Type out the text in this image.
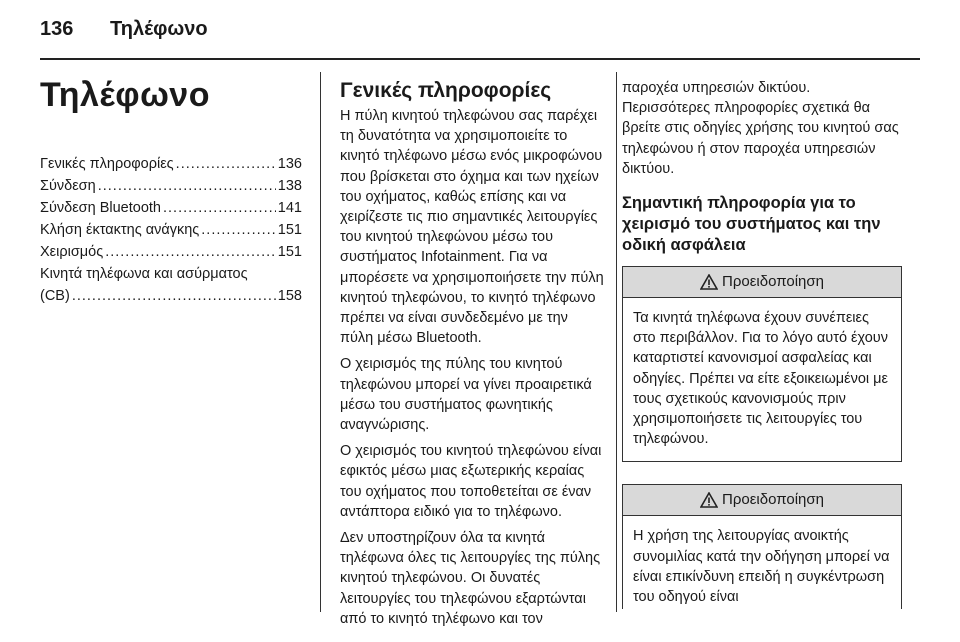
136 Τηλέφωνο
Τηλέφωνο
Γενικές πληροφορίες .....	136
Σύνδεση .....	138
Σύνδεση Bluetooth .....	141
Κλήση έκτακτης ανάγκης .....	151
Χειρισμός .....	151
Κινητά τηλέφωνα και ασύρματος
(CB) .....	158
Γενικές πληροφορίες

Η πύλη κινητού τηλεφώνου σας παρέχει τη δυνατότητα να χρησιμοποιείτε το κινητό τηλέφωνο μέσω ενός μικροφώνου που βρίσκεται στο όχημα και των ηχείων του οχήματος, καθώς επίσης και να χειρίζεστε τις πιο σημαντικές λειτουργίες του κινητού τηλεφώνου μέσω του συστήματος Infotainment. Για να μπορέσετε να χρησιμοποιήσετε την πύλη κινητού τηλεφώνου, το κινητό τηλέφωνο πρέπει να είναι συνδεδεμένο με την πύλη μέσω Bluetooth.

Ο χειρισμός της πύλης του κινητού τηλεφώνου μπορεί να γίνει προαιρετικά μέσω του συστήματος φωνητικής αναγνώρισης.

Ο χειρισμός του κινητού τηλεφώνου είναι εφικτός μέσω μιας εξωτερικής κεραίας του οχήματος που τοποθετείται σε έναν αντάπτορα ειδικό για το τηλέφωνο.

Δεν υποστηρίζουν όλα τα κινητά τηλέφωνα όλες τις λειτουργίες της πύλης κινητού τηλεφώνου. Οι δυνατές λειτουργίες του τηλεφώνου εξαρτώνται από το κινητό τηλέφωνο και τον

παροχέα υπηρεσιών δικτύου. Περισσότερες πληροφορίες σχετικά θα βρείτε στις οδηγίες χρήσης του κινητού σας τηλεφώνου ή στον παροχέα υπηρεσιών δικτύου.

Σημαντική πληροφορία για το χειρισμό του συστήματος και την οδική ασφάλεια
Προειδοποίηση
Τα κινητά τηλέφωνα έχουν συνέπειες στο περιβάλλον. Για το λόγο αυτό έχουν καταρτιστεί κανονισμοί ασφαλείας και οδηγίες. Πρέπει να είτε εξοικειωμένοι με τους σχετικούς κανονισμούς πριν χρησιμοποιήσετε τις λειτουργίες του τηλεφώνου.
Προειδοποίηση
Η χρήση της λειτουργίας ανοικτής συνομιλίας κατά την οδήγηση μπορεί να είναι επικίνδυνη επειδή η συγκέντρωση του οδηγού είναι
